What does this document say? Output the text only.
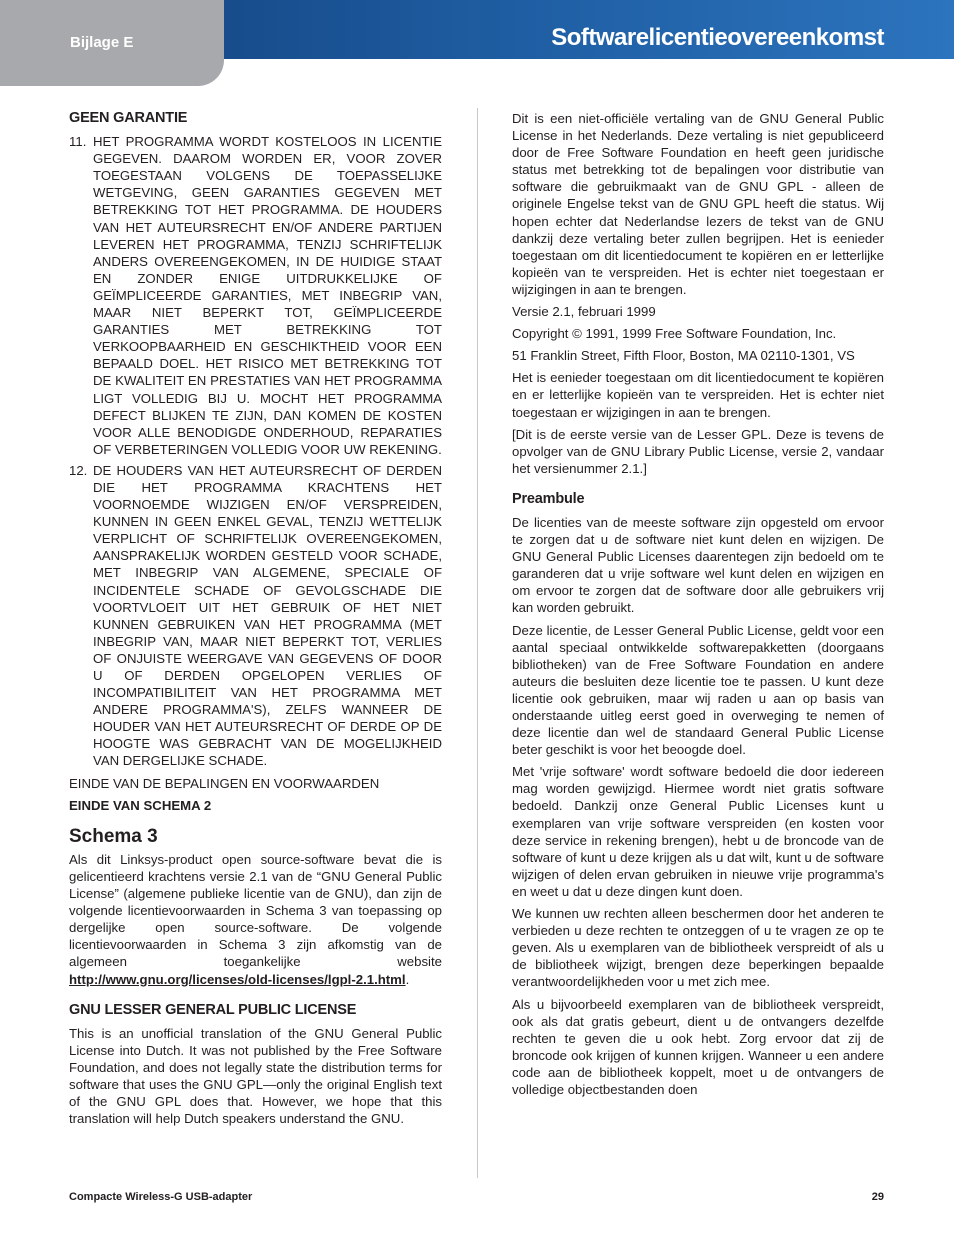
Bijlage E	Softwarelicentieovereenkomst
GEEN GARANTIE
11. HET PROGRAMMA WORDT KOSTELOOS IN LICENTIE GEGEVEN. DAAROM WORDEN ER, VOOR ZOVER TOEGESTAAN VOLGENS DE TOEPASSELIJKE WETGEVING, GEEN GARANTIES GEGEVEN MET BETREKKING TOT HET PROGRAMMA. DE HOUDERS VAN HET AUTEURSRECHT EN/OF ANDERE PARTIJEN LEVEREN HET PROGRAMMA, TENZIJ SCHRIFTELIJK ANDERS OVEREENGEKOMEN, IN DE HUIDIGE STAAT EN ZONDER ENIGE UITDRUKKELIJKE OF GEÏMPLICEERDE GARANTIES, MET INBEGRIP VAN, MAAR NIET BEPERKT TOT, GEÏMPLICEERDE GARANTIES MET BETREKKING TOT VERKOOPBAARHEID EN GESCHIKTHEID VOOR EEN BEPAALD DOEL. HET RISICO MET BETREKKING TOT DE KWALITEIT EN PRESTATIES VAN HET PROGRAMMA LIGT VOLLEDIG BIJ U. MOCHT HET PROGRAMMA DEFECT BLIJKEN TE ZIJN, DAN KOMEN DE KOSTEN VOOR ALLE BENODIGDE ONDERHOUD, REPARATIES OF VERBETERINGEN VOLLEDIG VOOR UW REKENING.
12. DE HOUDERS VAN HET AUTEURSRECHT OF DERDEN DIE HET PROGRAMMA KRACHTENS HET VOORNOEMDE WIJZIGEN EN/OF VERSPREIDEN, KUNNEN IN GEEN ENKEL GEVAL, TENZIJ WETTELIJK VERPLICHT OF SCHRIFTELIJK OVEREENGEKOMEN, AANSPRAKELIJK WORDEN GESTELD VOOR SCHADE, MET INBEGRIP VAN ALGEMENE, SPECIALE OF INCIDENTELE SCHADE OF GEVOLGSCHADE DIE VOORTVLOEIT UIT HET GEBRUIK OF HET NIET KUNNEN GEBRUIKEN VAN HET PROGRAMMA (MET INBEGRIP VAN, MAAR NIET BEPERKT TOT, VERLIES OF ONJUISTE WEERGAVE VAN GEGEVENS OF DOOR U OF DERDEN OPGELOPEN VERLIES OF INCOMPATIBILITEIT VAN HET PROGRAMMA MET ANDERE PROGRAMMA'S), ZELFS WANNEER DE HOUDER VAN HET AUTEURSRECHT OF DERDE OP DE HOOGTE WAS GEBRACHT VAN DE MOGELIJKHEID VAN DERGELIJKE SCHADE.

EINDE VAN DE BEPALINGEN EN VOORWAARDEN

EINDE VAN SCHEMA 2

Schema 3

Als dit Linksys-product open source-software bevat die is gelicentieerd krachtens versie 2.1 van de “GNU General Public License” (algemene publieke licentie van de GNU), dan zijn de volgende licentievoorwaarden in Schema 3 van toepassing op dergelijke open source-software. De volgende licentievoorwaarden in Schema 3 zijn afkomstig van de algemeen toegankelijke website http://www.gnu.org/licenses/old-licenses/lgpl-2.1.html.

GNU LESSER GENERAL PUBLIC LICENSE

This is an unofficial translation of the GNU General Public License into Dutch. It was not published by the Free Software Foundation, and does not legally state the distribution terms for software that uses the GNU GPL—only the original English text of the GNU GPL does that. However, we hope that this translation will help Dutch speakers understand the GNU.

Dit is een niet-officiële vertaling van de GNU General Public License in het Nederlands. Deze vertaling is niet gepubliceerd door de Free Software Foundation en heeft geen juridische status met betrekking tot de bepalingen voor distributie van software die gebruikmaakt van de GNU GPL - alleen de originele Engelse tekst van de GNU GPL heeft die status. Wij hopen echter dat Nederlandse lezers de tekst van de GNU dankzij deze vertaling beter zullen begrijpen. Het is eenieder toegestaan om dit licentiedocument te kopiëren en er letterlijke kopieën van te verspreiden. Het is echter niet toegestaan er wijzigingen in aan te brengen.

Versie 2.1, februari 1999

Copyright © 1991, 1999 Free Software Foundation, Inc.

51 Franklin Street, Fifth Floor, Boston, MA 02110-1301, VS

Het is eenieder toegestaan om dit licentiedocument te kopiëren en er letterlijke kopieën van te verspreiden. Het is echter niet toegestaan er wijzigingen in aan te brengen.

[Dit is de eerste versie van de Lesser GPL. Deze is tevens de opvolger van de GNU Library Public License, versie 2, vandaar het versienummer 2.1.]

Preambule

De licenties van de meeste software zijn opgesteld om ervoor te zorgen dat u de software niet kunt delen en wijzigen. De GNU General Public Licenses daarentegen zijn bedoeld om te garanderen dat u vrije software wel kunt delen en wijzigen en om ervoor te zorgen dat de software door alle gebruikers vrij kan worden gebruikt.

Deze licentie, de Lesser General Public License, geldt voor een aantal speciaal ontwikkelde softwarepakketten (doorgaans bibliotheken) van de Free Software Foundation en andere auteurs die besluiten deze licentie toe te passen. U kunt deze licentie ook gebruiken, maar wij raden u aan op basis van onderstaande uitleg eerst goed in overweging te nemen of deze licentie dan wel de standaard General Public License beter geschikt is voor het beoogde doel.

Met 'vrije software' wordt software bedoeld die door iedereen mag worden gewijzigd. Hiermee wordt niet gratis software bedoeld. Dankzij onze General Public Licenses kunt u exemplaren van vrije software verspreiden (en kosten voor deze service in rekening brengen), hebt u de broncode van de software of kunt u deze krijgen als u dat wilt, kunt u de software wijzigen of delen ervan gebruiken in nieuwe vrije programma's en weet u dat u deze dingen kunt doen.

We kunnen uw rechten alleen beschermen door het anderen te verbieden u deze rechten te ontzeggen of u te vragen ze op te geven. Als u exemplaren van de bibliotheek verspreidt of als u de bibliotheek wijzigt, brengen deze beperkingen bepaalde verantwoordelijkheden voor u met zich mee.

Als u bijvoorbeeld exemplaren van de bibliotheek verspreidt, ook als dat gratis gebeurt, dient u de ontvangers dezelfde rechten te geven die u ook hebt. Zorg ervoor dat zij de broncode ook krijgen of kunnen krijgen. Wanneer u een andere code aan de bibliotheek koppelt, moet u de ontvangers de volledige objectbestanden doen

Compacte Wireless-G USB-adapter	29
